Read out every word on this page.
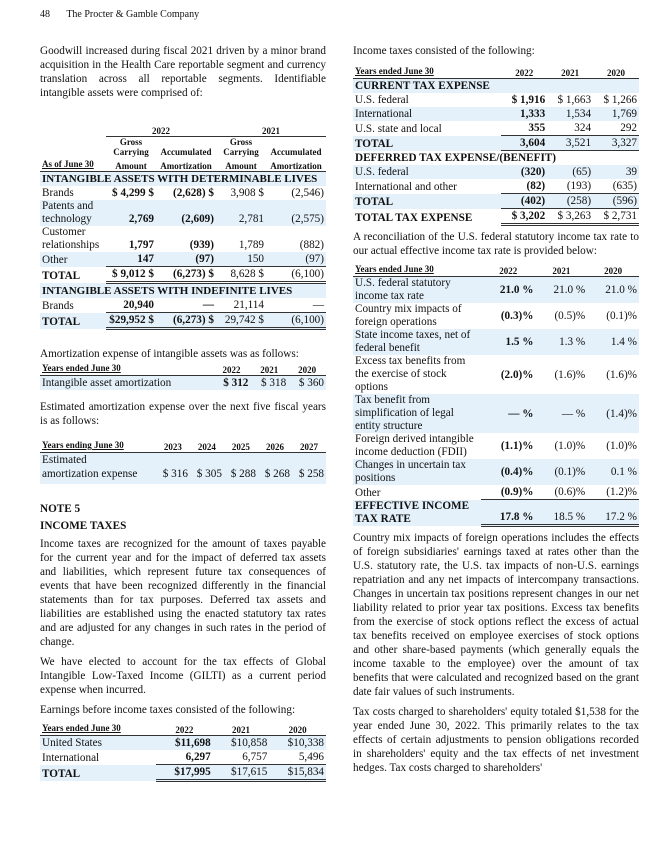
48 The Procter & Gamble Company

Goodwill increased during fiscal 2021 driven by a minor brand acquisition in the Health Care reportable segment and currency translation across all reportable segments. Identifiable intangible assets were comprised of:

	2022		2021	
	Gross		Gross	
	Carrying	Accumulated	Carrying	Accumulated
As of June 30	Amount	Amortization	Amount	Amortization
INTANGIBLE ASSETS WITH DETERMINABLE LIVES				
Brands	$ 4,299 $	(2,628) $	3,908 $	(2,546)
Patents and technology	2,769	(2,609)	2,781	(2,575)
Customer relationships	1,797	(939)	1,789	(882)
Other	147	(97)	150	(97)
TOTAL	$ 9,012 $	(6,273) $	8,628 $	(6,100)
INTANGIBLE ASSETS WITH INDEFINITE LIVES				
Brands	20,940	—	21,114	—
TOTAL	$29,952 $	(6,273) $	29,742 $	(6,100)

Amortization expense of intangible assets was as follows:

Years ended June 30	2022	2021	2020
Intangible asset amortization	$ 312	$ 318	$ 360

Estimated amortization expense over the next five fiscal years is as follows:

Years ending June 30	2023	2024	2025	2026	2027
Estimated					
amortization expense	$ 316	$ 305	$ 288	$ 268	$ 258

NOTE 5

INCOME TAXES

Income taxes are recognized for the amount of taxes payable for the current year and for the impact of deferred tax assets and liabilities, which represent future tax consequences of events that have been recognized differently in the financial statements than for tax purposes. Deferred tax assets and liabilities are established using the enacted statutory tax rates and are adjusted for any changes in such rates in the period of change.

We have elected to account for the tax effects of Global Intangible Low-Taxed Income (GILTI) as a current period expense when incurred.

Earnings before income taxes consisted of the following:

Years ended June 30	2022	2021	2020
United States	$11,698	$10,858	$10,338
International	6,297	6,757	5,496
TOTAL	$17,995	$17,615	$15,834

Income taxes consisted of the following:

Years ended June 30	2022	2021	2020
CURRENT TAX EXPENSE			
U.S. federal	$ 1,916	$ 1,663	$ 1,266
International	1,333	1,534	1,769
U.S. state and local	355	324	292
TOTAL	3,604	3,521	3,327
DEFERRED TAX EXPENSE/(BENEFIT)			
U.S. federal	(320)	(65)	39
International and other	(82)	(193)	(635)
TOTAL	(402)	(258)	(596)
TOTAL TAX EXPENSE	$ 3,202	$ 3,263	$ 2,731

A reconciliation of the U.S. federal statutory income tax rate to our actual effective income tax rate is provided below:

Years ended June 30	2022	2021	2020
U.S. federal statutory income tax rate	21.0 %	21.0 %	21.0 %
Country mix impacts of foreign operations	(0.3)%	(0.5)%	(0.1)%
State income taxes, net of federal benefit	1.5 %	1.3 %	1.4 %
Excess tax benefits from the exercise of stock options	(2.0)%	(1.6)%	(1.6)%
Tax benefit from simplification of legal entity structure	— %	— %	(1.4)%
Foreign derived intangible income deduction (FDII)	(1.1)%	(1.0)%	(1.0)%
Changes in uncertain tax positions	(0.4)%	(0.1)%	0.1 %
Other	(0.9)%	(0.6)%	(1.2)%
EFFECTIVE INCOME TAX RATE	17.8 %	18.5 %	17.2 %

Country mix impacts of foreign operations includes the effects of foreign subsidiaries' earnings taxed at rates other than the U.S. statutory rate, the U.S. tax impacts of non-U.S. earnings repatriation and any net impacts of intercompany transactions. Changes in uncertain tax positions represent changes in our net liability related to prior year tax positions. Excess tax benefits from the exercise of stock options reflect the excess of actual tax benefits received on employee exercises of stock options and other share-based payments (which generally equals the income taxable to the employee) over the amount of tax benefits that were calculated and recognized based on the grant date fair values of such instruments.

Tax costs charged to shareholders' equity totaled $1,538 for the year ended June 30, 2022. This primarily relates to the tax effects of certain adjustments to pension obligations recorded in shareholders' equity and the tax effects of net investment hedges. Tax costs charged to shareholders'
